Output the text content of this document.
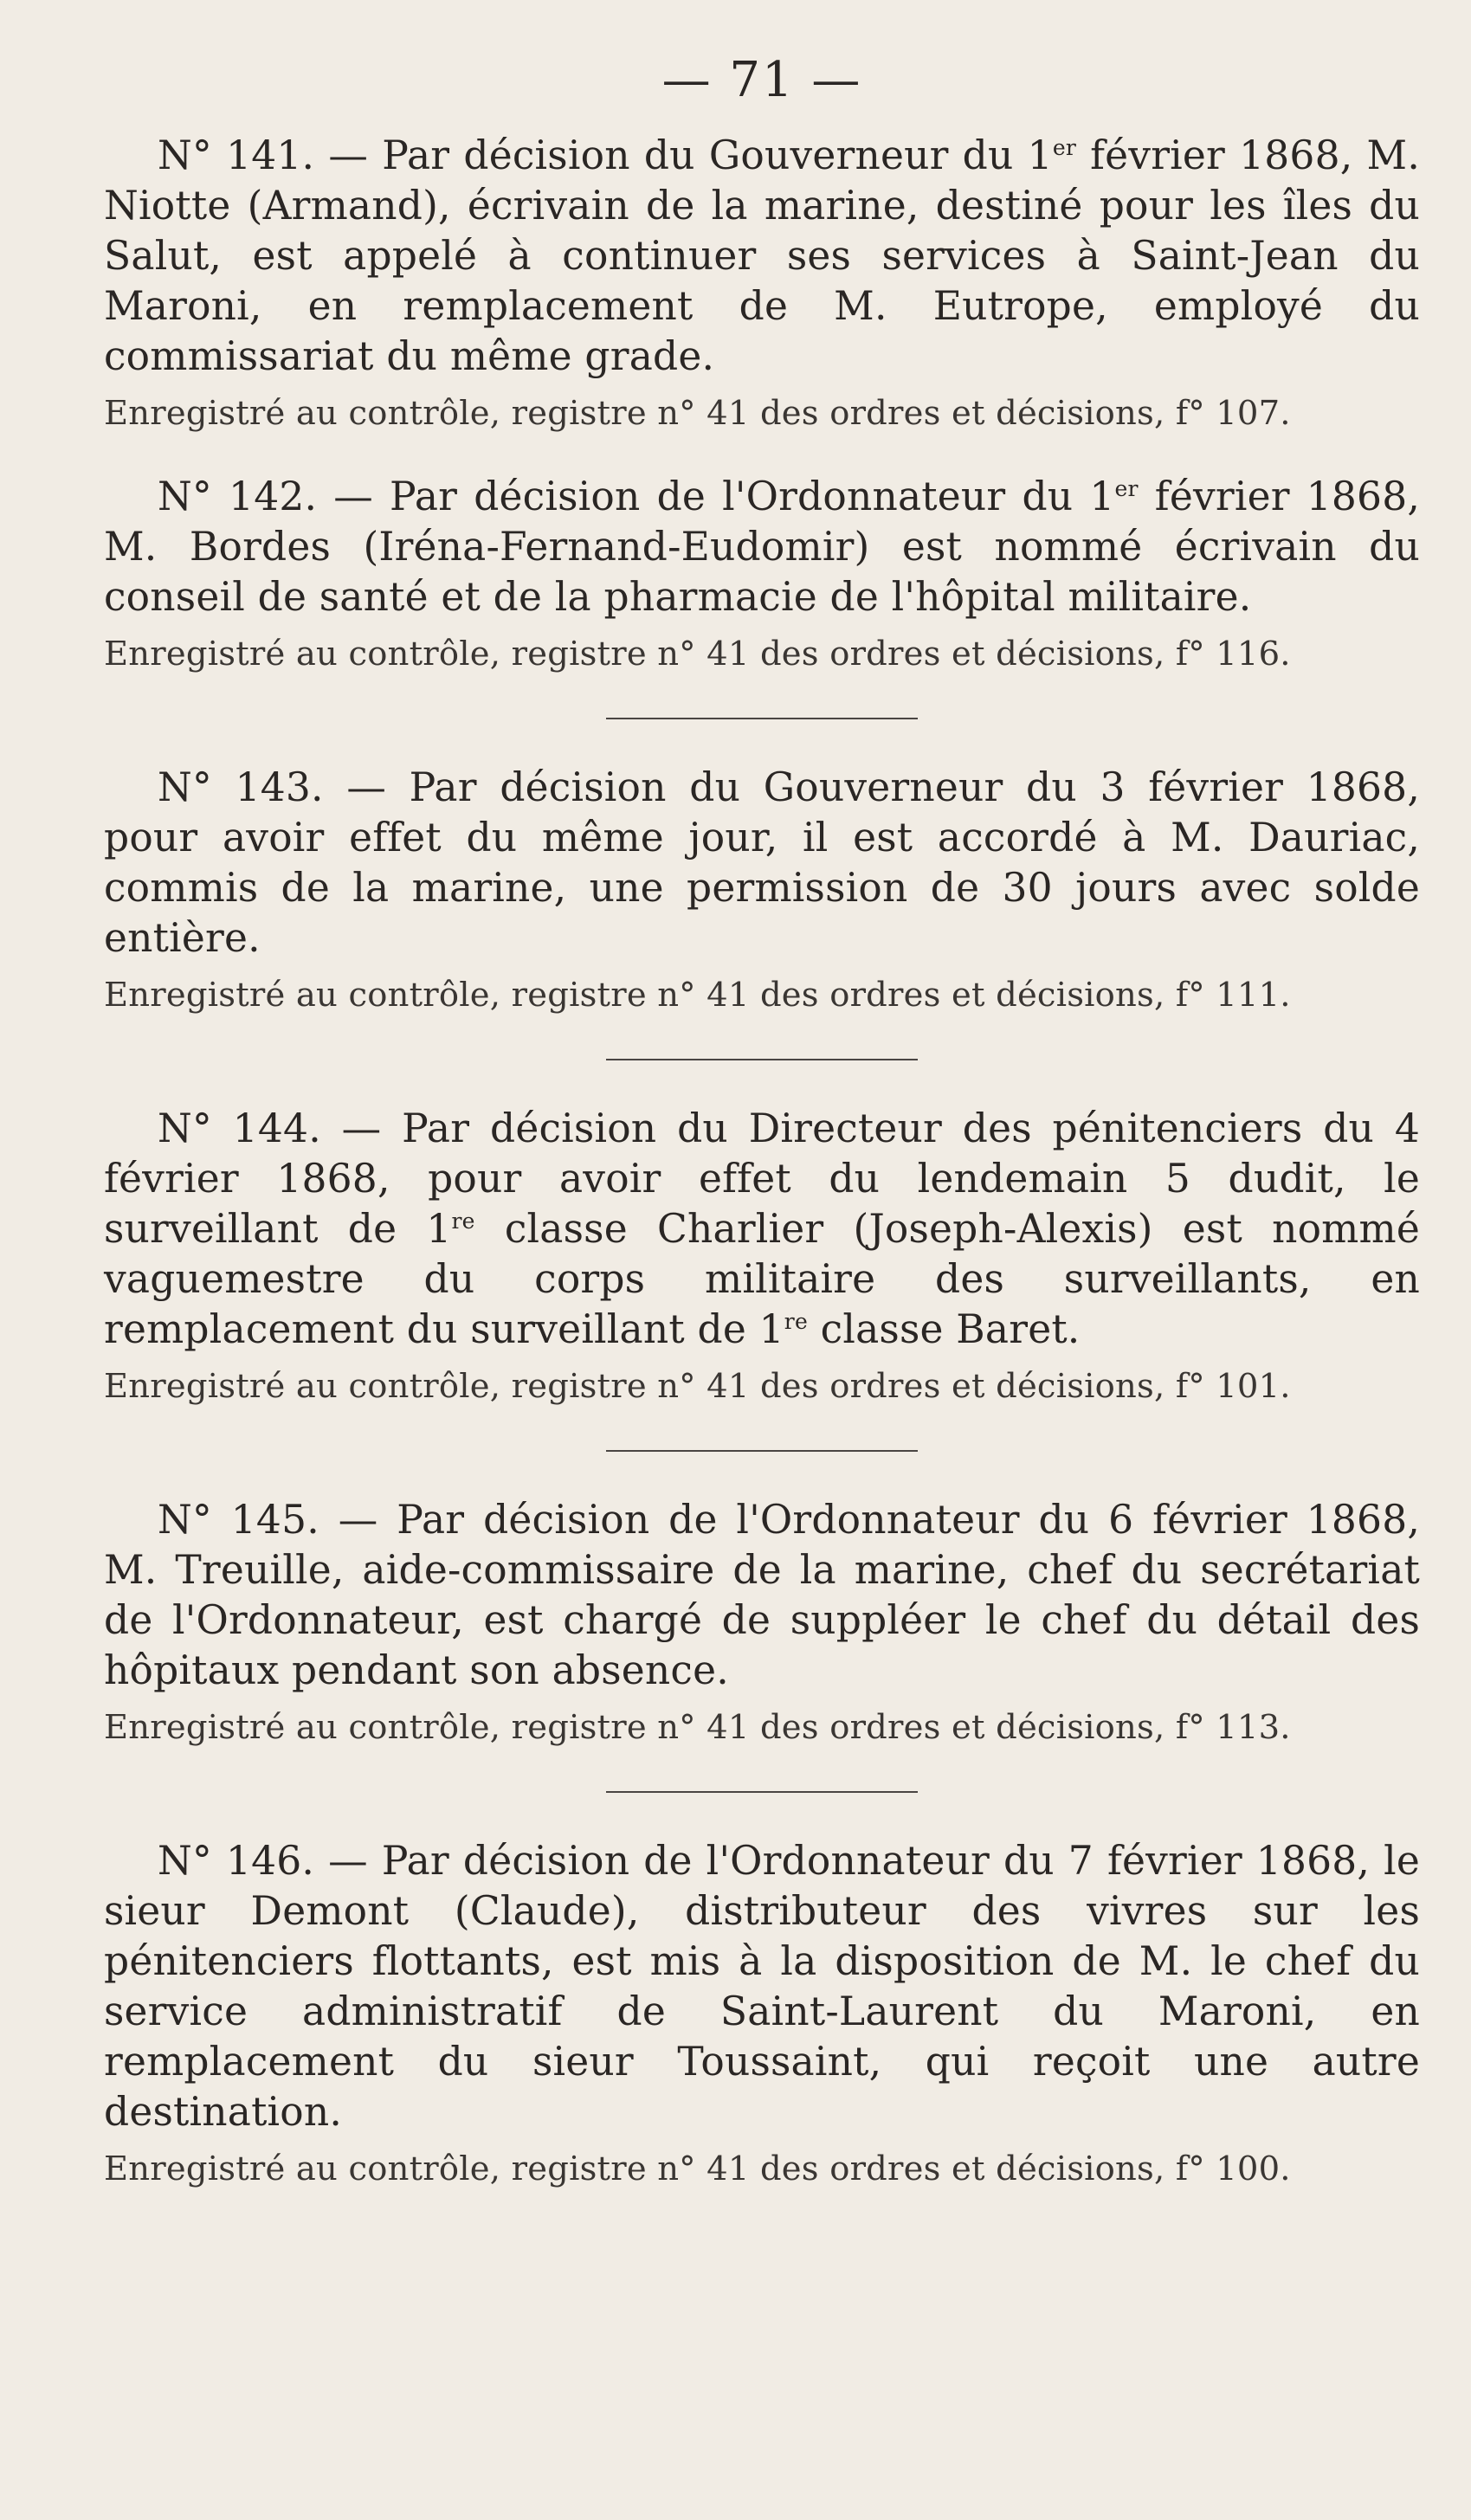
— 71 —

N° 141. — Par décision du Gouverneur du 1er février 1868, M. Niotte (Armand), écrivain de la marine, destiné pour les îles du Salut, est appelé à continuer ses services à Saint-Jean du Maroni, en remplacement de M. Eutrope, employé du commissariat du même grade.

Enregistré au contrôle, registre n° 41 des ordres et décisions, f° 107.

N° 142. — Par décision de l'Ordonnateur du 1er février 1868, M. Bordes (Iréna-Fernand-Eudomir) est nommé écrivain du conseil de santé et de la pharmacie de l'hôpital militaire.

Enregistré au contrôle, registre n° 41 des ordres et décisions, f° 116.

N° 143. — Par décision du Gouverneur du 3 février 1868, pour avoir effet du même jour, il est accordé à M. Dauriac, commis de la marine, une permission de 30 jours avec solde entière.

Enregistré au contrôle, registre n° 41 des ordres et décisions, f° 111.

N° 144. — Par décision du Directeur des pénitenciers du 4 février 1868, pour avoir effet du lendemain 5 dudit, le surveillant de 1re classe Charlier (Joseph-Alexis) est nommé vaguemestre du corps militaire des surveillants, en remplacement du surveillant de 1re classe Baret.

Enregistré au contrôle, registre n° 41 des ordres et décisions, f° 101.

N° 145. — Par décision de l'Ordonnateur du 6 février 1868, M. Treuille, aide-commissaire de la marine, chef du secrétariat de l'Ordonnateur, est chargé de suppléer le chef du détail des hôpitaux pendant son absence.

Enregistré au contrôle, registre n° 41 des ordres et décisions, f° 113.

N° 146. — Par décision de l'Ordonnateur du 7 février 1868, le sieur Demont (Claude), distributeur des vivres sur les pénitenciers flottants, est mis à la disposition de M. le chef du service administratif de Saint-Laurent du Maroni, en remplacement du sieur Toussaint, qui reçoit une autre destination.

Enregistré au contrôle, registre n° 41 des ordres et décisions, f° 100.
